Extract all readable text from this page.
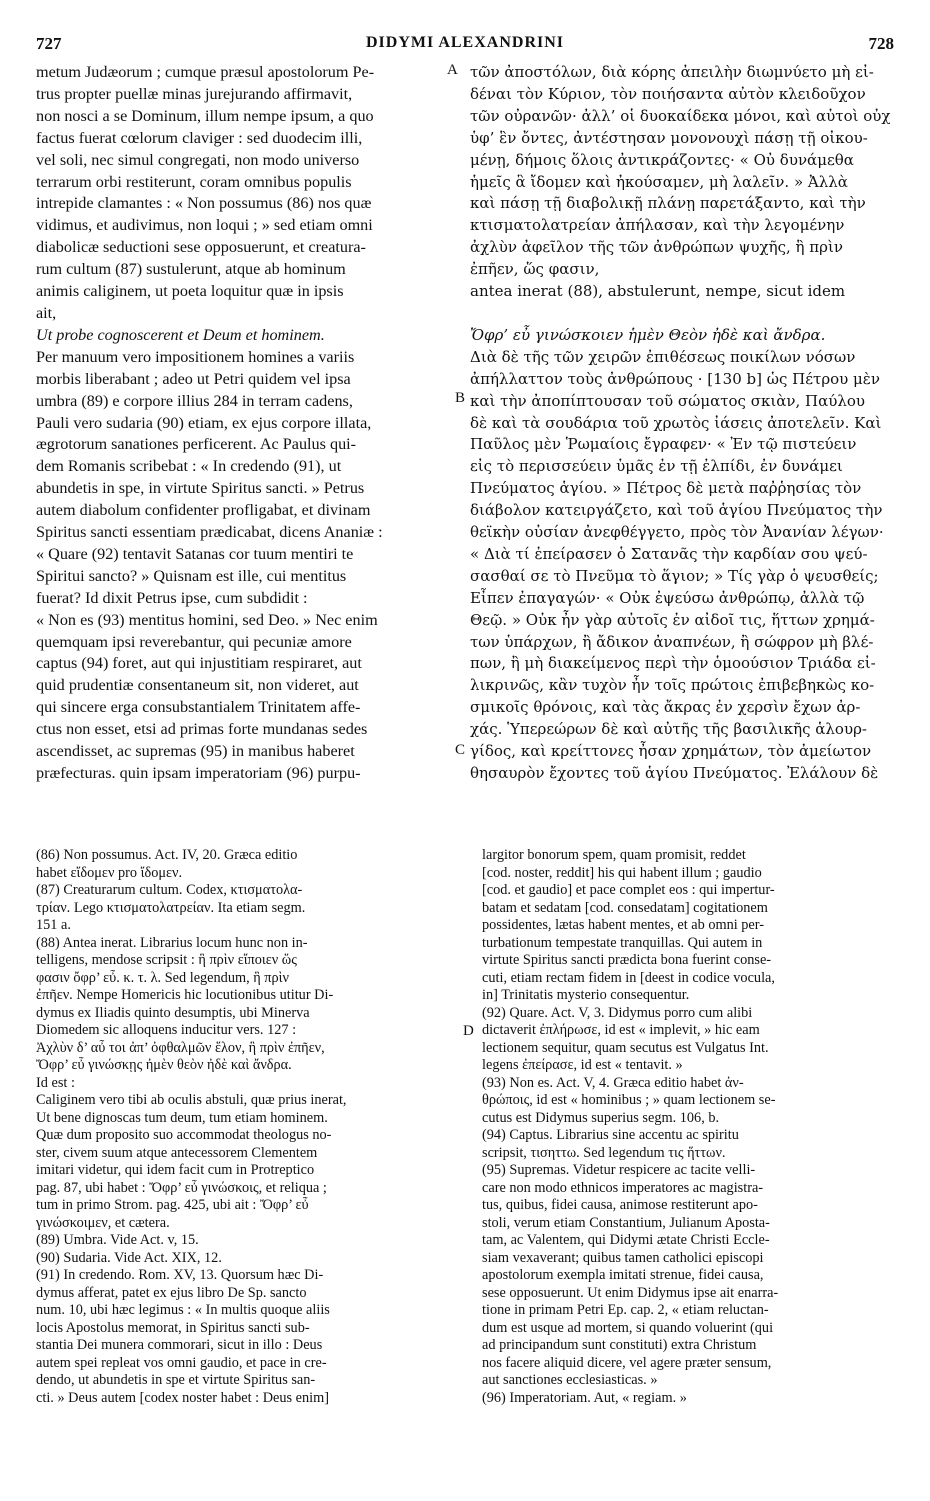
727	DIDYMI ALEXANDRINI	728
metum Judæorum ; cumque præsul apostolorum Pe-
trus propter puellæ minas jurejurando affirmavit,
non nosci a se Dominum, illum nempe ipsum, a quo
factus fuerat cœlorum claviger : sed duodecim illi,
vel soli, nec simul congregati, non modo universo
terrarum orbi restiterunt, coram omnibus populis
intrepide clamantes : « Non possumus (86) nos quæ
vidimus, et audivimus, non loqui ; » sed etiam omni
diabolicæ seductioni sese opposuerunt, et creatura-
rum cultum (87) sustulerunt, atque ab hominum
animis caliginem, ut poeta loquitur quæ in ipsis
ait,
Ut probe cognoscerent et Deum et hominem.
Per manuum vero impositionem homines a variis
morbis liberabant ; adeo ut Petri quidem vel ipsa
umbra (89) e corpore illius 284 in terram cadens,
Pauli vero sudaria (90) etiam, ex ejus corpore illata,
ægrotorum sanationes perficerent. Ac Paulus qui-
dem Romanis scribebat : « In credendo (91), ut
abundetis in spe, in virtute Spiritus sancti. » Petrus
autem diabolum confidenter profligabat, et divinam
Spiritus sancti essentiam prædicabat, dicens Ananiæ :
« Quare (92) tentavit Satanas cor tuum mentiri te
Spiritui sancto? » Quisnam est ille, cui mentitus
fuerat? Id dixit Petrus ipse, cum subdidit :
« Non es (93) mentitus homini, sed Deo. » Nec enim
quemquam ipsi reverebantur, qui pecuniæ amore
captus (94) foret, aut qui injustitiam respiraret, aut
quid prudentiæ consentaneum sit, non videret, aut
qui sincere erga consubstantialem Trinitatem affe-
ctus non esset, etsi ad primas forte mundanas sedes
ascendisset, ac supremas (95) in manibus haberet
præfecturas. quin ipsam imperatoriam (96) purpu-
τῶν ἀποστόλων, διὰ κόρης ἀπειλὴν διωμνύετο μὴ εἰ-
δέναι τὸν Κύριον, τὸν ποιήσαντα αὐτὸν κλειδοῦχον
τῶν οὐρανῶν· ἀλλ’ οἱ δυοκαίδεκα μόνοι, καὶ αὐτοὶ οὐχ
ὑφ’ ἓν ὄντες, ἀντέστησαν μονονουχὶ πάσῃ τῇ οἰκου-
μένῃ, δήμοις ὅλοις ἀντικράζοντες· « Οὐ δυνάμεθα
ἡμεῖς ἃ ἴδομεν καὶ ἠκούσαμεν, μὴ λαλεῖν. » Ἀλλὰ
καὶ πάσῃ τῇ διαβολικῇ πλάνῃ παρετάξαντο, καὶ τὴν
κτισματολατρείαν ἀπήλασαν, καὶ τὴν λεγομένην
ἀχλὺν ἀφεῖλον τῆς τῶν ἀνθρώπων ψυχῆς, ἣ πρὶν
ἐπῆεν, ὥς φασιν,
antea inerat (88), abstulerunt, nempe, sicut idem

Ὄφρ’ εὖ γινώσκοιεν ἡμὲν Θεὸν ἠδὲ καὶ ἄνδρα.
Διὰ δὲ τῆς τῶν χειρῶν ἐπιθέσεως ποικίλων νόσων
ἀπήλλαττον τοὺς ἀνθρώπους · [130 b] ὡς Πέτρου μὲν
καὶ τὴν ἀποπίπτουσαν τοῦ σώματος σκιὰν, Παύλου
δὲ καὶ τὰ σουδάρια τοῦ χρωτὸς ἰάσεις ἀποτελεῖν. Καὶ
Παῦλος μὲν Ῥωμαίοις ἔγραφεν· « Ἐν τῷ πιστεύειν
εἰς τὸ περισσεύειν ὑμᾶς ἐν τῇ ἐλπίδι, ἐν δυνάμει
Πνεύματος ἁγίου. » Πέτρος δὲ μετὰ παῤῥησίας τὸν
διάβολον κατειργάζετο, καὶ τοῦ ἁγίου Πνεύματος τὴν
θεϊκὴν οὐσίαν ἀνεφθέγγετο, πρὸς τὸν Ἀνανίαν λέγων·
« Διὰ τί ἐπείρασεν ὁ Σατανᾶς τὴν καρδίαν σου ψεύ-
σασθαί σε τὸ Πνεῦμα τὸ ἅγιον; » Τίς γὰρ ὁ ψευσθείς;
Εἶπεν ἐπαγαγών· « Οὐκ ἐψεύσω ἀνθρώπῳ, ἀλλὰ τῷ
Θεῷ. » Οὐκ ἦν γὰρ αὐτοῖς ἐν αἰδοῖ τις, ἥττων χρημά-
των ὑπάρχων, ἢ ἄδικον ἀναπνέων, ἢ σώφρον μὴ βλέ-
πων, ἢ μὴ διακείμενος περὶ τὴν ὁμοούσιον Τριάδα εἰ-
λικρινῶς, κἂν τυχὸν ἦν τοῖς πρώτοις ἐπιβεβηκὼς κο-
σμικοῖς θρόνοις, καὶ τὰς ἄκρας ἐν χερσὶν ἔχων ἀρ-
χάς. Ὑπερεώρων δὲ καὶ αὐτῆς τῆς βασιλικῆς ἁλουρ-
γίδος, καὶ κρείττονες ἦσαν χρημάτων, τὸν ἀμείωτον
θησαυρὸν ἔχοντες τοῦ ἁγίου Πνεύματος. Ἐλάλουν δὲ
A
B
C
D
(86) Non possumus. Act. IV, 20. Græca editio
habet εἴδομεν pro ἴδομεν.
(87) Creaturarum cultum. Codex, κτισματολα-
τρίαν. Lego κτισματολατρείαν. Ita etiam segm.
151 a.
(88) Antea inerat. Librarius locum hunc non in-
telligens, mendose scripsit : ἣ πρὶν εἴποιεν ὥς
φασιν ὄφρ’ εὖ. κ. τ. λ. Sed legendum, ἣ πρὶν
ἐπῆεν. Nempe Homericis hic locutionibus utitur Di-
dymus ex Iliadis quinto desumptis, ubi Minerva
Diomedem sic alloquens inducitur vers. 127 :
Ἀχλὺν δ’ αὖ τοι ἀπ’ ὀφθαλμῶν ἕλον, ἣ πρὶν ἐπῆεν,
Ὄφρ’ εὖ γινώσκῃς ἠμὲν θεὸν ἠδὲ καὶ ἄνδρα.
Id est :
Caliginem vero tibi ab oculis abstuli, quæ prius inerat,
Ut bene dignoscas tum deum, tum etiam hominem.
Quæ dum proposito suo accommodat theologus no-
ster, civem suum atque antecessorem Clementem
imitari videtur, qui idem facit cum in Protreptico
pag. 87, ubi habet : Ὄφρ’ εὖ γινώσκοις, et reliqua ;
tum in primo Strom. pag. 425, ubi ait : Ὄφρ’ εὖ
γινώσκοιμεν, et cætera.
(89) Umbra. Vide Act. v, 15.
(90) Sudaria. Vide Act. XIX, 12.
(91) In credendo. Rom. XV, 13. Quorsum hæc Di-
dymus afferat, patet ex ejus libro De Sp. sancto
num. 10, ubi hæc legimus : « In multis quoque aliis
locis Apostolus memorat, in Spiritus sancti sub-
stantia Dei munera commorari, sicut in illo : Deus
autem spei repleat vos omni gaudio, et pace in cre-
dendo, ut abundetis in spe et virtute Spiritus san-
cti. » Deus autem [codex noster habet : Deus enim]
largitor bonorum spem, quam promisit, reddet
[cod. noster, reddit] his qui habent illum ; gaudio
[cod. et gaudio] et pace complet eos : qui impertur-
batam et sedatam [cod. consedatam] cogitationem
possidentes, lætas habent mentes, et ab omni per-
turbationum tempestate tranquillas. Qui autem in
virtute Spiritus sancti prædicta bona fuerint conse-
cuti, etiam rectam fidem in [deest in codice vocula,
in] Trinitatis mysterio consequentur.
(92) Quare. Act. V, 3. Didymus porro cum alibi
dictaverit ἐπλήρωσε, id est « implevit, » hic eam
lectionem sequitur, quam secutus est Vulgatus Int.
legens ἐπείρασε, id est « tentavit. »
(93) Non es. Act. V, 4. Græca editio habet ἀν-
θρώποις, id est « hominibus ; » quam lectionem se-
cutus est Didymus superius segm. 106, b.
(94) Captus. Librarius sine accentu ac spiritu
scripsit, τισηττω. Sed legendum τις ἥττων.
(95) Supremas. Videtur respicere ac tacite velli-
care non modo ethnicos imperatores ac magistra-
tus, quibus, fidei causa, animose restiterunt apo-
stoli, verum etiam Constantium, Julianum Aposta-
tam, ac Valentem, qui Didymi ætate Christi Eccle-
siam vexaverant; quibus tamen catholici episcopi
apostolorum exempla imitati strenue, fidei causa,
sese opposuerunt. Ut enim Didymus ipse ait enarra-
tione in primam Petri Ep. cap. 2, « etiam reluctan-
dum est usque ad mortem, si quando voluerint (qui
ad principandum sunt constituti) extra Christum
nos facere aliquid dicere, vel agere præter sensum,
aut sanctiones ecclesiasticas. »
(96) Imperatoriam. Aut, « regiam. »
